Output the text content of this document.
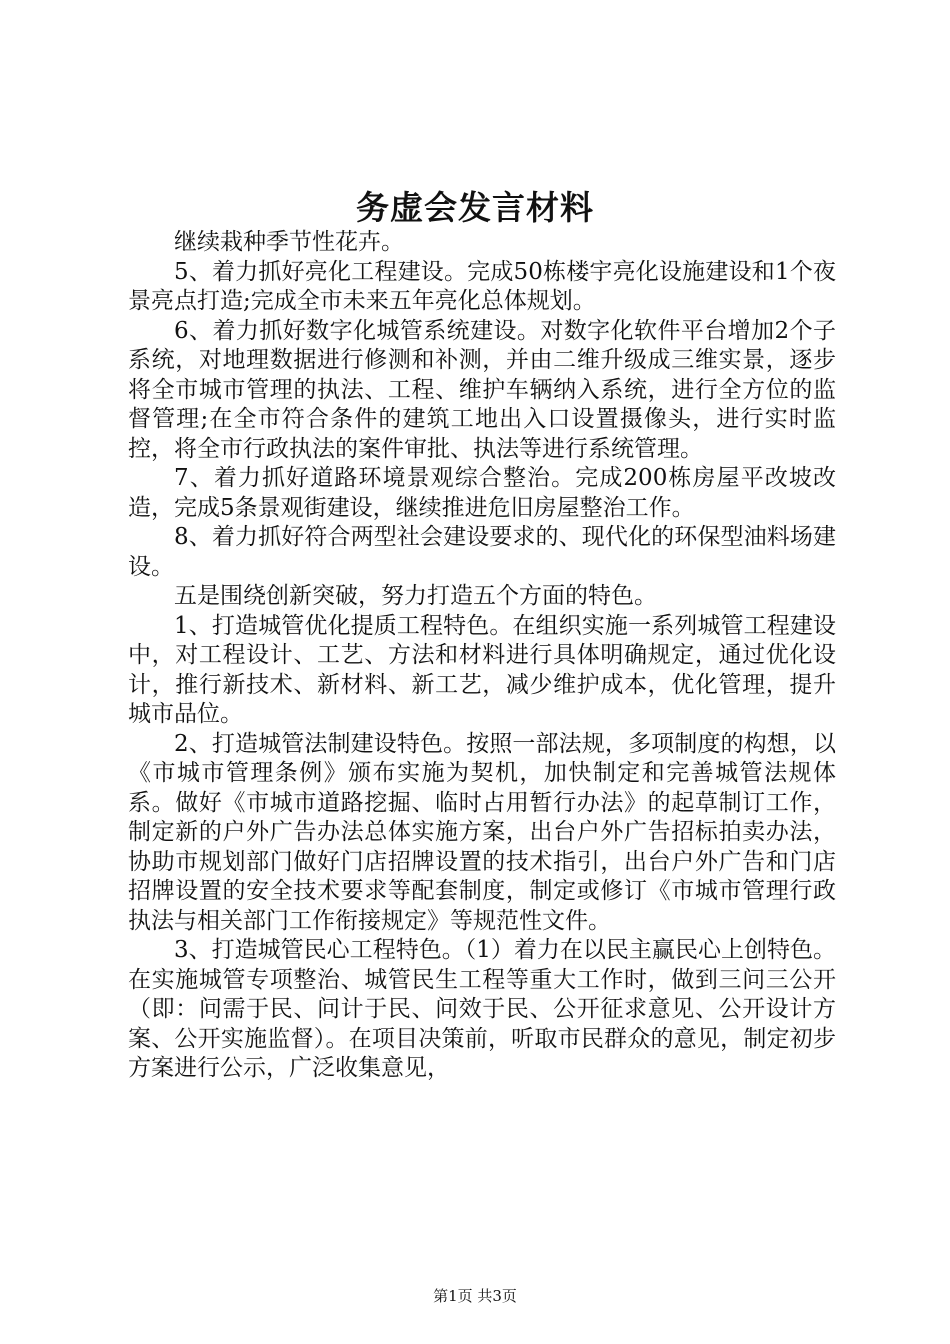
务虚会发言材料

继续栽种季节性花卉。

5、着力抓好亮化工程建设。完成50栋楼宇亮化设施建设和1个夜景亮点打造;完成全市未来五年亮化总体规划。

6、着力抓好数字化城管系统建设。对数字化软件平台增加2个子系统，对地理数据进行修测和补测，并由二维升级成三维实景，逐步将全市城市管理的执法、工程、维护车辆纳入系统，进行全方位的监督管理;在全市符合条件的建筑工地出入口设置摄像头，进行实时监控，将全市行政执法的案件审批、执法等进行系统管理。

7、着力抓好道路环境景观综合整治。完成200栋房屋平改坡改造，完成5条景观街建设，继续推进危旧房屋整治工作。

8、着力抓好符合两型社会建设要求的、现代化的环保型油料场建设。

五是围绕创新突破，努力打造五个方面的特色。

1、打造城管优化提质工程特色。在组织实施一系列城管工程建设中，对工程设计、工艺、方法和材料进行具体明确规定，通过优化设计，推行新技术、新材料、新工艺，减少维护成本，优化管理，提升城市品位。

2、打造城管法制建设特色。按照一部法规，多项制度的构想，以《市城市管理条例》颁布实施为契机，加快制定和完善城管法规体系。做好《市城市道路挖掘、临时占用暂行办法》的起草制订工作，制定新的户外广告办法总体实施方案，出台户外广告招标拍卖办法，协助市规划部门做好门店招牌设置的技术指引，出台户外广告和门店招牌设置的安全技术要求等配套制度，制定或修订《市城市管理行政执法与相关部门工作衔接规定》等规范性文件。

3、打造城管民心工程特色。（1）着力在以民主赢民心上创特色。在实施城管专项整治、城管民生工程等重大工作时，做到三问三公开（即：问需于民、问计于民、问效于民、公开征求意见、公开设计方案、公开实施监督）。在项目决策前，听取市民群众的意见，制定初步方案进行公示，广泛收集意见，

第1页 共3页
